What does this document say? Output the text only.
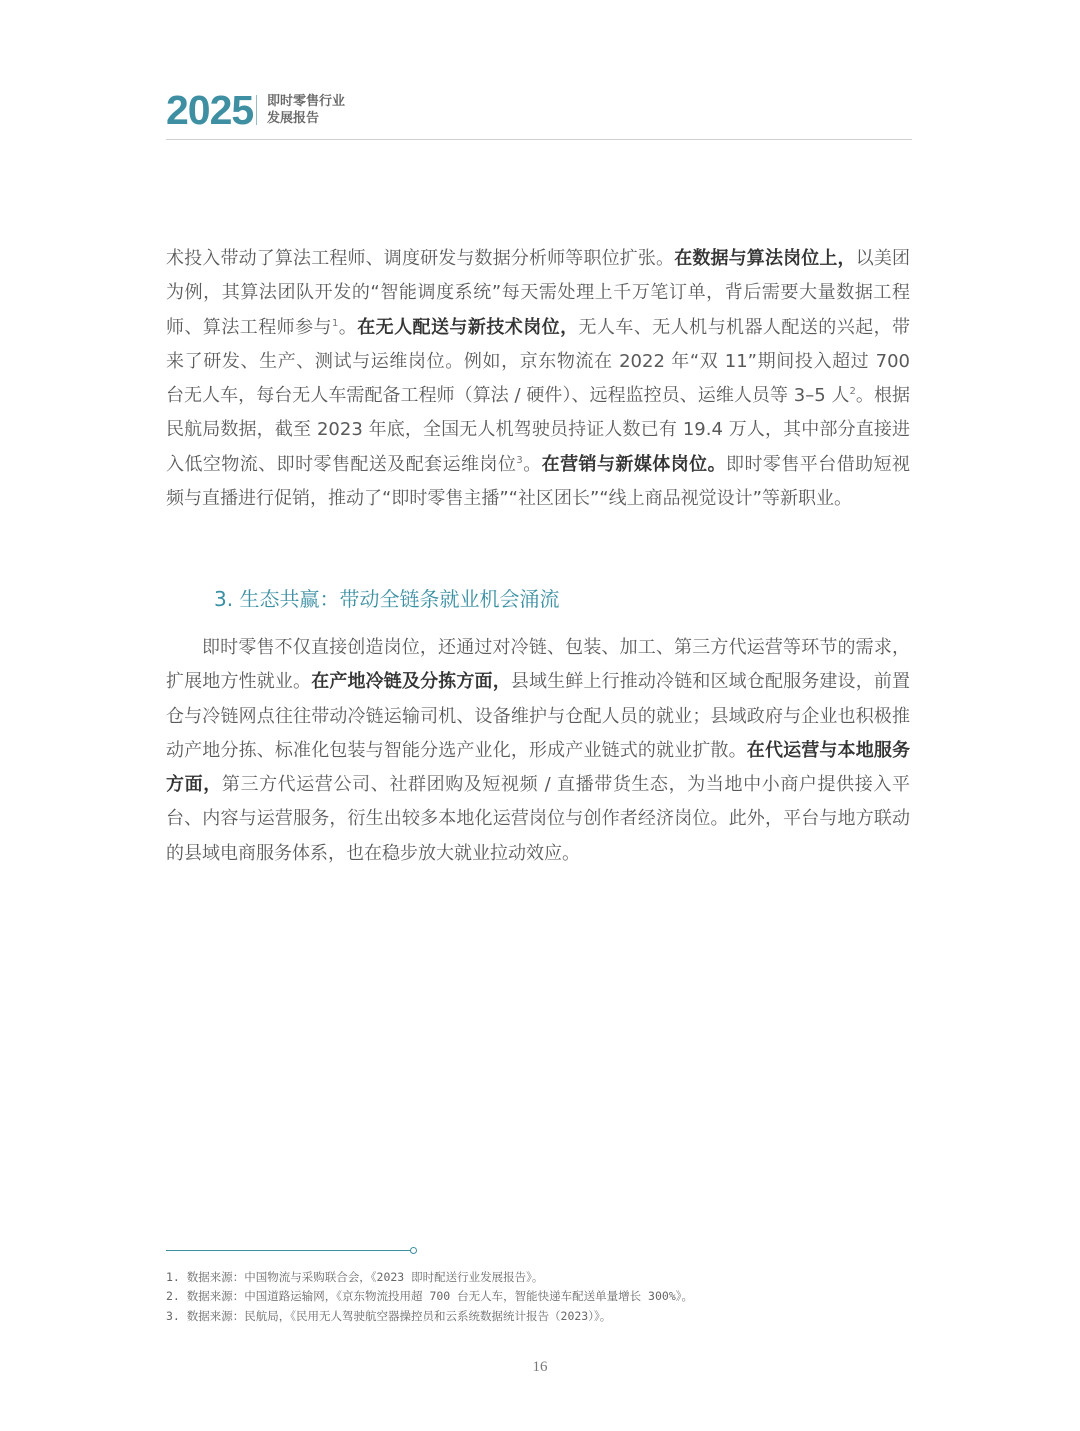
2025 即时零售行业
发展报告

术投入带动了算法工程师、调度研发与数据分析师等职位扩张。在数据与算法岗位上，以美团为例，其算法团队开发的“智能调度系统”每天需处理上千万笔订单，背后需要大量数据工程师、算法工程师参与$^1$。在无人配送与新技术岗位，无人车、无人机与机器人配送的兴起，带来了研发、生产、测试与运维岗位。例如，京东物流在 2022 年“双 11”期间投入超过 700 台无人车，每台无人车需配备工程师（算法 / 硬件）、远程监控员、运维人员等 3–5 人$^2$。根据民航局数据，截至 2023 年底，全国无人机驾驶员持证人数已有 19.4 万人，其中部分直接进入低空物流、即时零售配送及配套运维岗位$^3$。在营销与新媒体岗位。即时零售平台借助短视频与直播进行促销，推动了“即时零售主播”“社区团长”“线上商品视觉设计”等新职业。

3. 生态共赢：带动全链条就业机会涌流

即时零售不仅直接创造岗位，还通过对冷链、包装、加工、第三方代运营等环节的需求，扩展地方性就业。在产地冷链及分拣方面，县域生鲜上行推动冷链和区域仓配服务建设，前置仓与冷链网点往往带动冷链运输司机、设备维护与仓配人员的就业；县域政府与企业也积极推动产地分拣、标准化包装与智能分选产业化，形成产业链式的就业扩散。在代运营与本地服务方面，第三方代运营公司、社群团购及短视频 / 直播带货生态，为当地中小商户提供接入平台、内容与运营服务，衍生出较多本地化运营岗位与创作者经济岗位。此外，平台与地方联动的县域电商服务体系，也在稳步放大就业拉动效应。

1. 数据来源：中国物流与采购联合会，《2023 即时配送行业发展报告》。
2. 数据来源：中国道路运输网，《京东物流投用超 700 台无人车，智能快递车配送单量增长 300%》。
3. 数据来源：民航局，《民用无人驾驶航空器操控员和云系统数据统计报告（2023）》。
16
